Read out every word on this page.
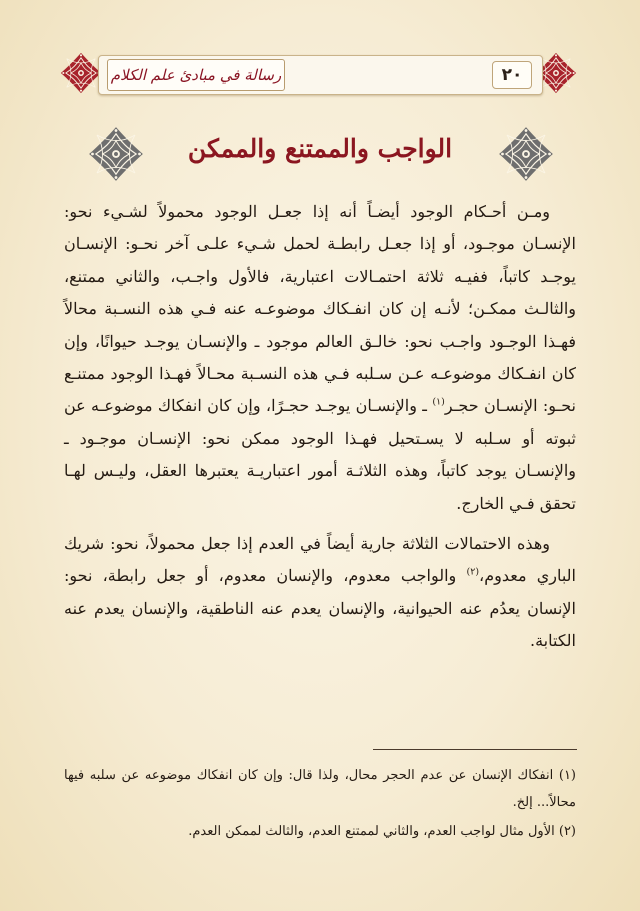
رسالة في مبادئ علم الكلام	٢٠
الواجب والممتنع والممكن

ومـن أحـكام الوجود أيضـاً أنه إذا جعـل الوجود محمولاً لشـيء نحو: الإنسـان موجـود، أو إذا جعـل رابطـة لحمل شـيء علـى آخر نحـو: الإنسـان يوجـد كاتباً، ففيـه ثلاثة احتمـالات اعتبارية، فالأول واجـب، والثاني ممتنع، والثالـث ممكـن؛ لأنـه إن كان انفـكاك موضوعـه عنه فـي هذه النسـبة محالاً فهـذا الوجـود واجـب نحو: خالـق العالم موجود ـ والإنسـان يوجـد حيوانًا، وإن كان انفـكاك موضوعـه عـن سـلبه فـي هذه النسـبة محـالاً فهـذا الوجود ممتنـع نحـو: الإنسـان حجـر$^{(١)}$ ـ والإنسـان يوجـد حجـرًا، وإن كان انفكاك موضوعـه عن ثبوته أو سـلبه لا يسـتحيل فهـذا الوجود ممكن نحو: الإنسـان موجـود ـ والإنسـان يوجد كاتباً، وهذه الثلاثـة أمور اعتباريـة يعتبرها العقل، وليـس لهـا تحقق فـي الخارج.

وهذه الاحتمالات الثلاثة جارية أيضاً في العدم إذا جعل محمولاً، نحو: شريك الباري معدوم،$^{(٢)}$ والواجب معدوم، والإنسان معدوم، أو جعل رابطة، نحو: الإنسان يعدُم عنه الحيوانية، والإنسان يعدم عنه الناطقية، والإنسان يعدم عنه الكتابة.

(١) انفكاك الإنسان عن عدم الحجر محال، ولذا قال: وإن كان انفكاك موضوعه عن سلبه فيها محالاً... إلخ.

(٢) الأول مثال لواجب العدم، والثاني لممتنع العدم، والثالث لممكن العدم.
